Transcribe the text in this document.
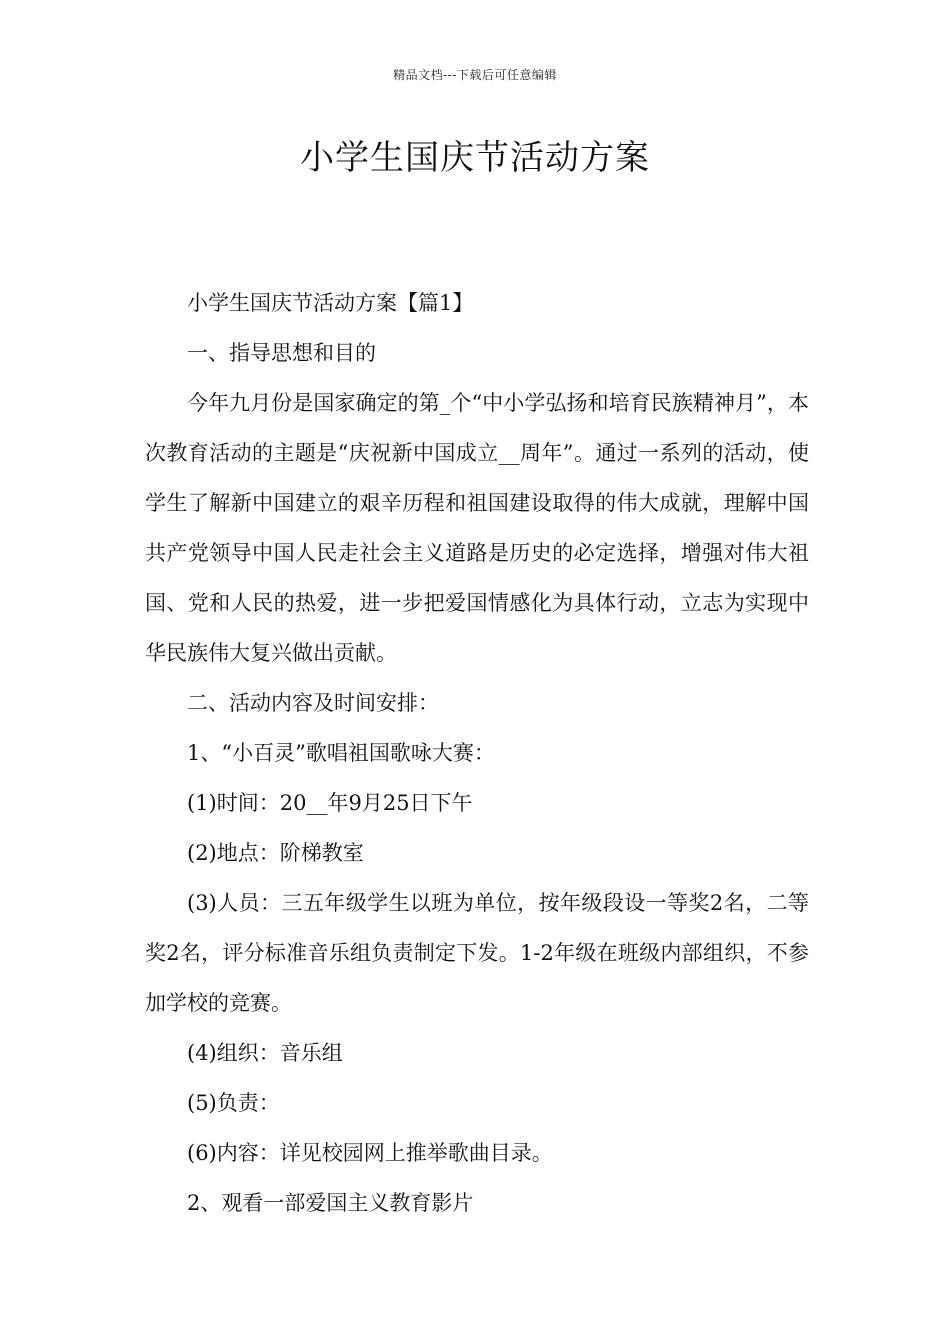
精品文档---下载后可任意编辑
小学生国庆节活动方案

小学生国庆节活动方案【篇1】

一、指导思想和目的

今年九月份是国家确定的第_个“中小学弘扬和培育民族精神月”，本次教育活动的主题是“庆祝新中国成立__周年”。通过一系列的活动，使学生了解新中国建立的艰辛历程和祖国建设取得的伟大成就，理解中国共产党领导中国人民走社会主义道路是历史的必定选择，增强对伟大祖国、党和人民的热爱，进一步把爱国情感化为具体行动，立志为实现中华民族伟大复兴做出贡献。

二、活动内容及时间安排：

1、“小百灵”歌唱祖国歌咏大赛：

(1)时间：20__年9月25日下午

(2)地点：阶梯教室

(3)人员：三五年级学生以班为单位，按年级段设一等奖2名，二等奖2名，评分标准音乐组负责制定下发。1-2年级在班级内部组织，不参加学校的竞赛。

(4)组织：音乐组

(5)负责：

(6)内容：详见校园网上推举歌曲目录。

2、观看一部爱国主义教育影片
